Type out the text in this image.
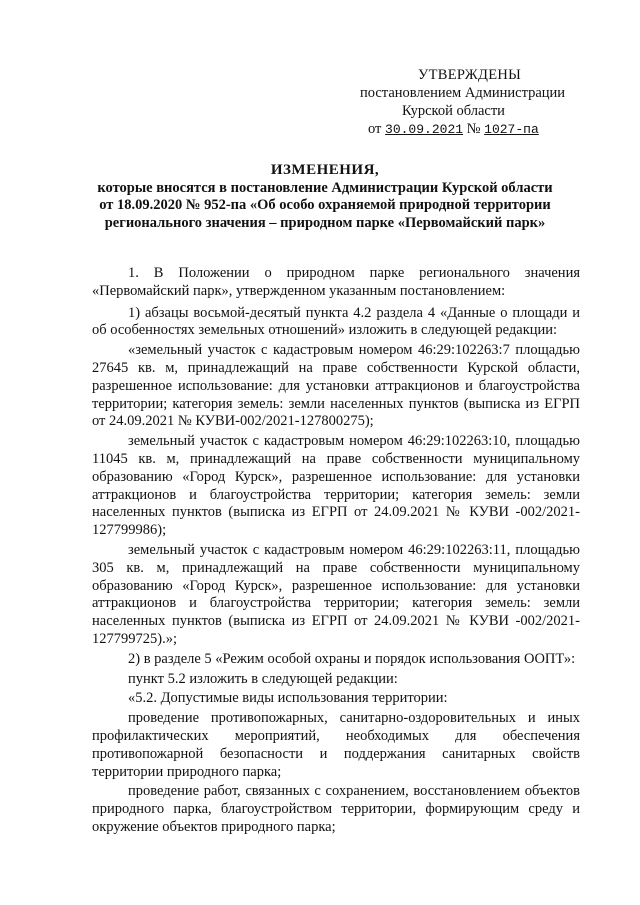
УТВЕРЖДЕНЫ
постановлением Администрации
Курской области
от 30.09.2021 № 1027-па
ИЗМЕНЕНИЯ,
которые вносятся в постановление Администрации Курской области
от 18.09.2020 № 952-па «Об особо охраняемой природной территории
регионального значения – природном парке «Первомайский парк»

1. В Положении о природном парке регионального значения «Первомайский парк», утвержденном указанным постановлением:

1) абзацы восьмой-десятый пункта 4.2 раздела 4 «Данные о площади и об особенностях земельных отношений» изложить в следующей редакции:

«земельный участок с кадастровым номером 46:29:102263:7 площадью 27645 кв. м, принадлежащий на праве собственности Курской области, разрешенное использование: для установки аттракционов и благоустройства территории; категория земель: земли населенных пунктов (выписка из ЕГРП от 24.09.2021 № КУВИ-002/2021-127800275);

земельный участок с кадастровым номером 46:29:102263:10, площадью 11045 кв. м, принадлежащий на праве собственности муниципальному образованию «Город Курск», разрешенное использование: для установки аттракционов и благоустройства территории; категория земель: земли населенных пунктов (выписка из ЕГРП от 24.09.2021 № КУВИ -002/2021-127799986);

земельный участок с кадастровым номером 46:29:102263:11, площадью 305 кв. м, принадлежащий на праве собственности муниципальному образованию «Город Курск», разрешенное использование: для установки аттракционов и благоустройства территории; категория земель: земли населенных пунктов (выписка из ЕГРП от 24.09.2021 № КУВИ -002/2021-127799725).»;

2) в разделе 5 «Режим особой охраны и порядок использования ООПТ»:

пункт 5.2 изложить в следующей редакции:

«5.2. Допустимые виды использования территории:

проведение противопожарных, санитарно-оздоровительных и иных профилактических мероприятий, необходимых для обеспечения противопожарной безопасности и поддержания санитарных свойств территории природного парка;

проведение работ, связанных с сохранением, восстановлением объектов природного парка, благоустройством территории, формирующим среду и окружение объектов природного парка;
